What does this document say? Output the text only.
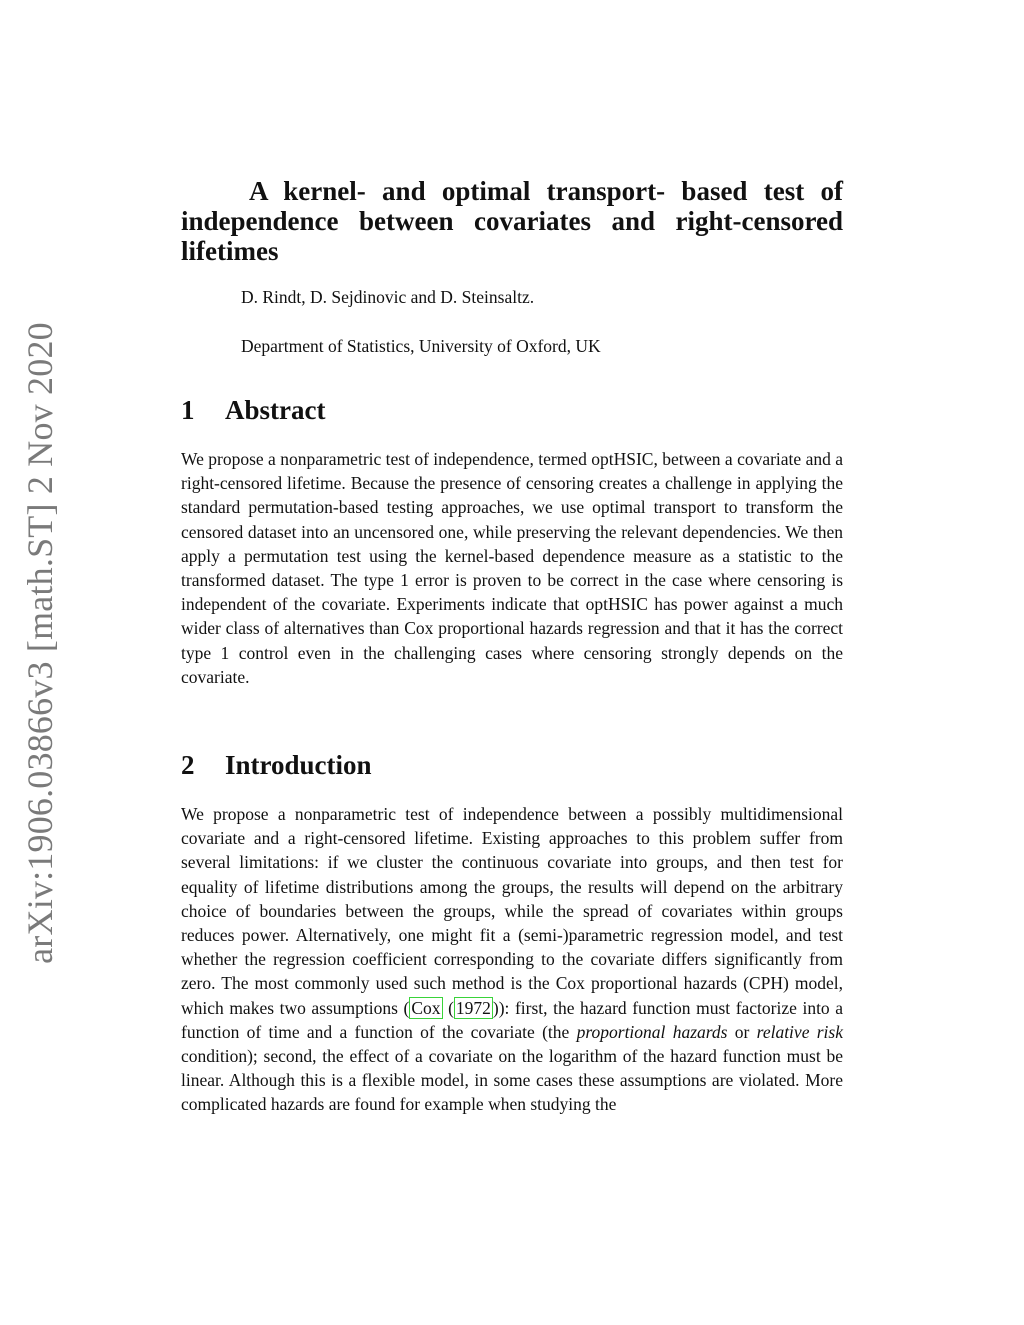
arXiv:1906.03866v3 [math.ST] 2 Nov 2020
A kernel- and optimal transport- based test of independence between covariates and right-censored lifetimes

D. Rindt, D. Sejdinovic and D. Steinsaltz.

Department of Statistics, University of Oxford, UK

1 Abstract

We propose a nonparametric test of independence, termed optHSIC, between a covariate and a right-censored lifetime. Because the presence of censoring creates a challenge in applying the standard permutation-based testing approaches, we use optimal transport to transform the censored dataset into an uncensored one, while preserving the relevant dependencies. We then apply a permutation test using the kernel-based dependence measure as a statistic to the transformed dataset. The type 1 error is proven to be correct in the case where censoring is independent of the covariate. Experiments indicate that optHSIC has power against a much wider class of alternatives than Cox proportional hazards regression and that it has the correct type 1 control even in the challenging cases where censoring strongly depends on the covariate.

2 Introduction

We propose a nonparametric test of independence between a possibly multidimensional covariate and a right-censored lifetime. Existing approaches to this problem suffer from several limitations: if we cluster the continuous covariate into groups, and then test for equality of lifetime distributions among the groups, the results will depend on the arbitrary choice of boundaries between the groups, while the spread of covariates within groups reduces power. Alternatively, one might fit a (semi-)parametric regression model, and test whether the regression coefficient corresponding to the covariate differs significantly from zero. The most commonly used such method is the Cox proportional hazards (CPH) model, which makes two assumptions ( Cox ( 1972 )): first, the hazard function must factorize into a function of time and a function of the covariate (the proportional hazards or relative risk condition); second, the effect of a covariate on the logarithm of the hazard function must be linear. Although this is a flexible model, in some cases these assumptions are violated. More complicated hazards are found for example when studying the
